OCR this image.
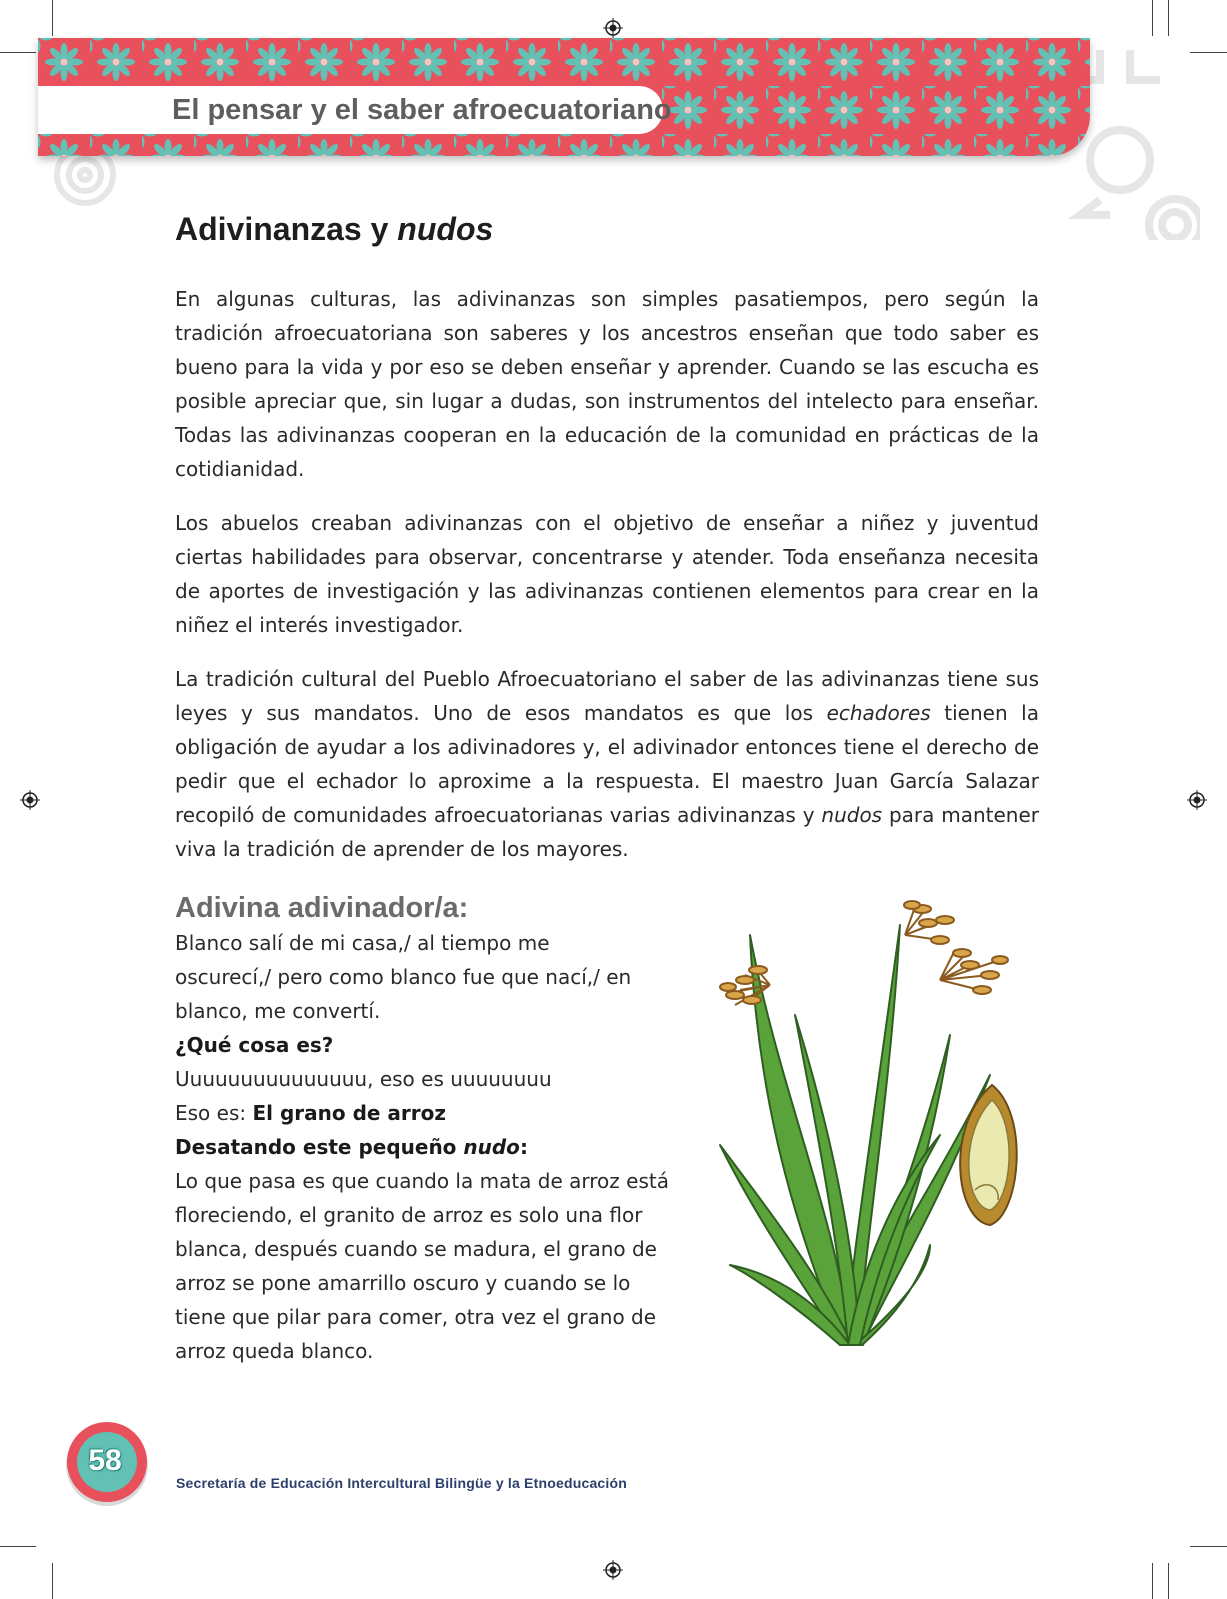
El pensar y el saber afroecuatoriano
Adivinanzas y nudos

En algunas culturas, las adivinanzas son simples pasatiempos, pero según la tradición afroecuatoriana son saberes y los ancestros enseñan que todo saber es bueno para la vida y por eso se deben enseñar y aprender. Cuando se las escucha es posible apreciar que, sin lugar a dudas, son instrumentos del intelecto para enseñar. Todas las adivinanzas cooperan en la educación de la comunidad en prácticas de la cotidianidad.

Los abuelos creaban adivinanzas con el objetivo de enseñar a niñez y juventud ciertas habilidades para observar, concentrarse y atender. Toda enseñanza necesita de aportes de investigación y las adivinanzas contienen elementos para crear en la niñez el interés investigador.

La tradición cultural del Pueblo Afroecuatoriano el saber de las adivinanzas tiene sus leyes y sus mandatos. Uno de esos mandatos es que los echadores tienen la obligación de ayudar a los adivinadores y, el adivinador entonces tiene el derecho de pedir que el echador lo aproxime a la respuesta. El maestro Juan García Salazar recopiló de comunidades afroecuatorianas varias adivinanzas y nudos para mantener viva la tradición de aprender de los mayores.

Adivina adivinador/a:
Blanco salí de mi casa,/ al tiempo me oscurecí,/ pero como blanco fue que nací,/ en blanco, me convertí.
¿Qué cosa es?
Uuuuuuuuuuuuuuu, eso es uuuuuuuu
Eso es: El grano de arroz
Desatando este pequeño nudo:
Lo que pasa es que cuando la mata de arroz está floreciendo, el granito de arroz es solo una flor blanca, después cuando se madura, el grano de arroz se pone amarrillo oscuro y cuando se lo tiene que pilar para comer, otra vez el grano de arroz queda blanco.
58
Secretaría de Educación Intercultural Bilingüe y la Etnoeducación
